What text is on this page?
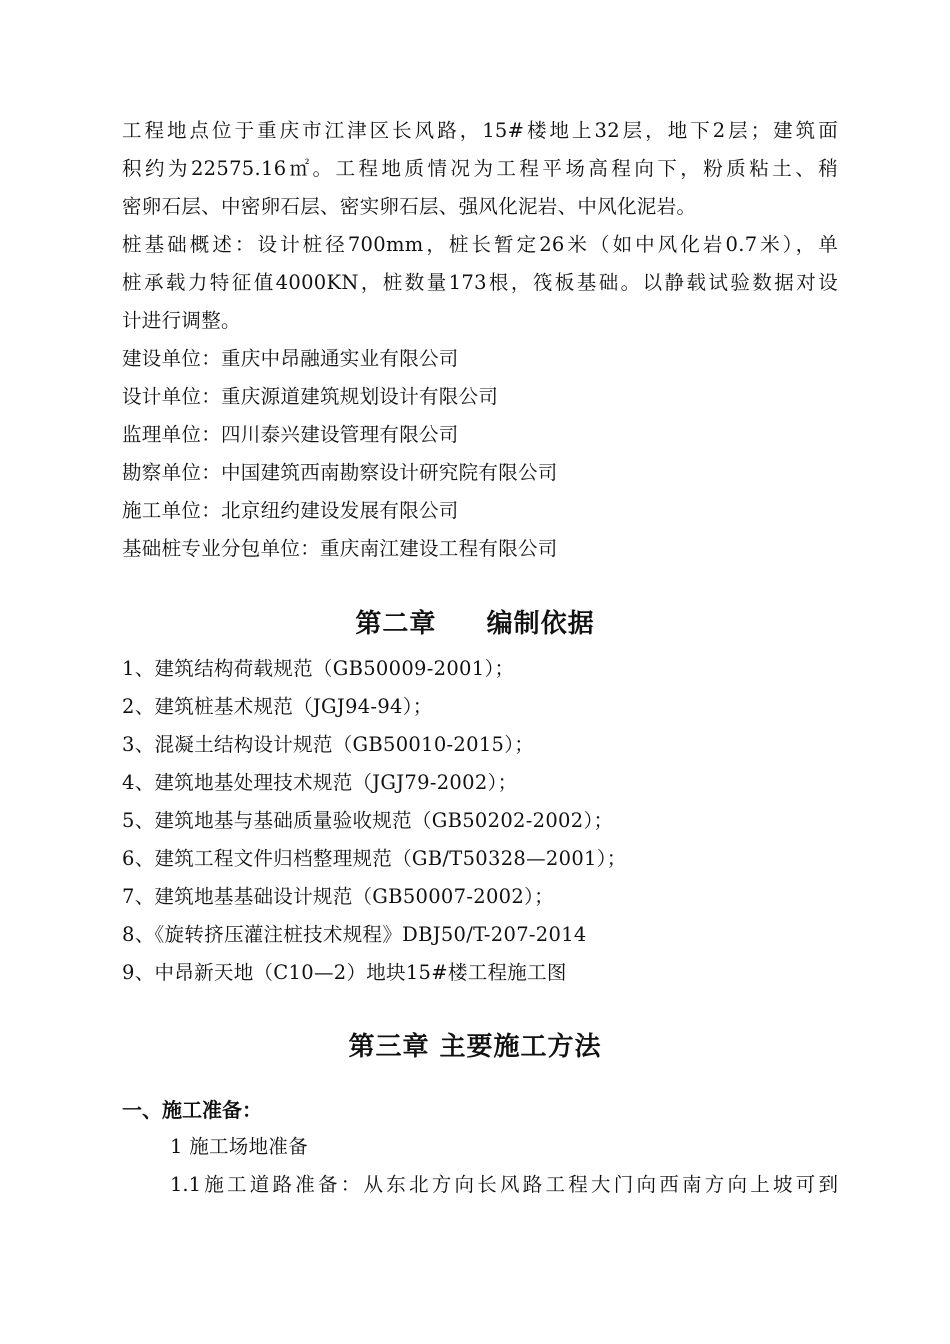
工程地点位于重庆市江津区长风路，15#楼地上32层，地下2层；建筑面
积约为22575.16㎡。工程地质情况为工程平场高程向下，粉质粘土、稍
密卵石层、中密卵石层、密实卵石层、强风化泥岩、中风化泥岩。
桩基础概述：设计桩径700mm，桩长暂定26米（如中风化岩0.7米），单
桩承载力特征值4000KN，桩数量173根，筏板基础。以静载试验数据对设
计进行调整。
建设单位：重庆中昂融通实业有限公司
设计单位：重庆源道建筑规划设计有限公司
监理单位：四川泰兴建设管理有限公司
勘察单位：中国建筑西南勘察设计研究院有限公司
施工单位：北京纽约建设发展有限公司
基础桩专业分包单位：重庆南江建设工程有限公司
第二章     编制依据
1、建筑结构荷载规范（GB50009-2001）；
2、建筑桩基术规范（JGJ94-94）；
3、混凝土结构设计规范（GB50010-2015）；
4、建筑地基处理技术规范（JGJ79-2002）；
5、建筑地基与基础质量验收规范（GB50202-2002）；
6、建筑工程文件归档整理规范（GB/T50328—2001）；
7、建筑地基基础设计规范（GB50007-2002）；
8、《旋转挤压灌注桩技术规程》DBJ50/T-207-2014
9、中昂新天地（C10—2）地块15#楼工程施工图
第三章 主要施工方法
一、施工准备：
1 施工场地准备
1.1施工道路准备：从东北方向长风路工程大门向西南方向上坡可到
